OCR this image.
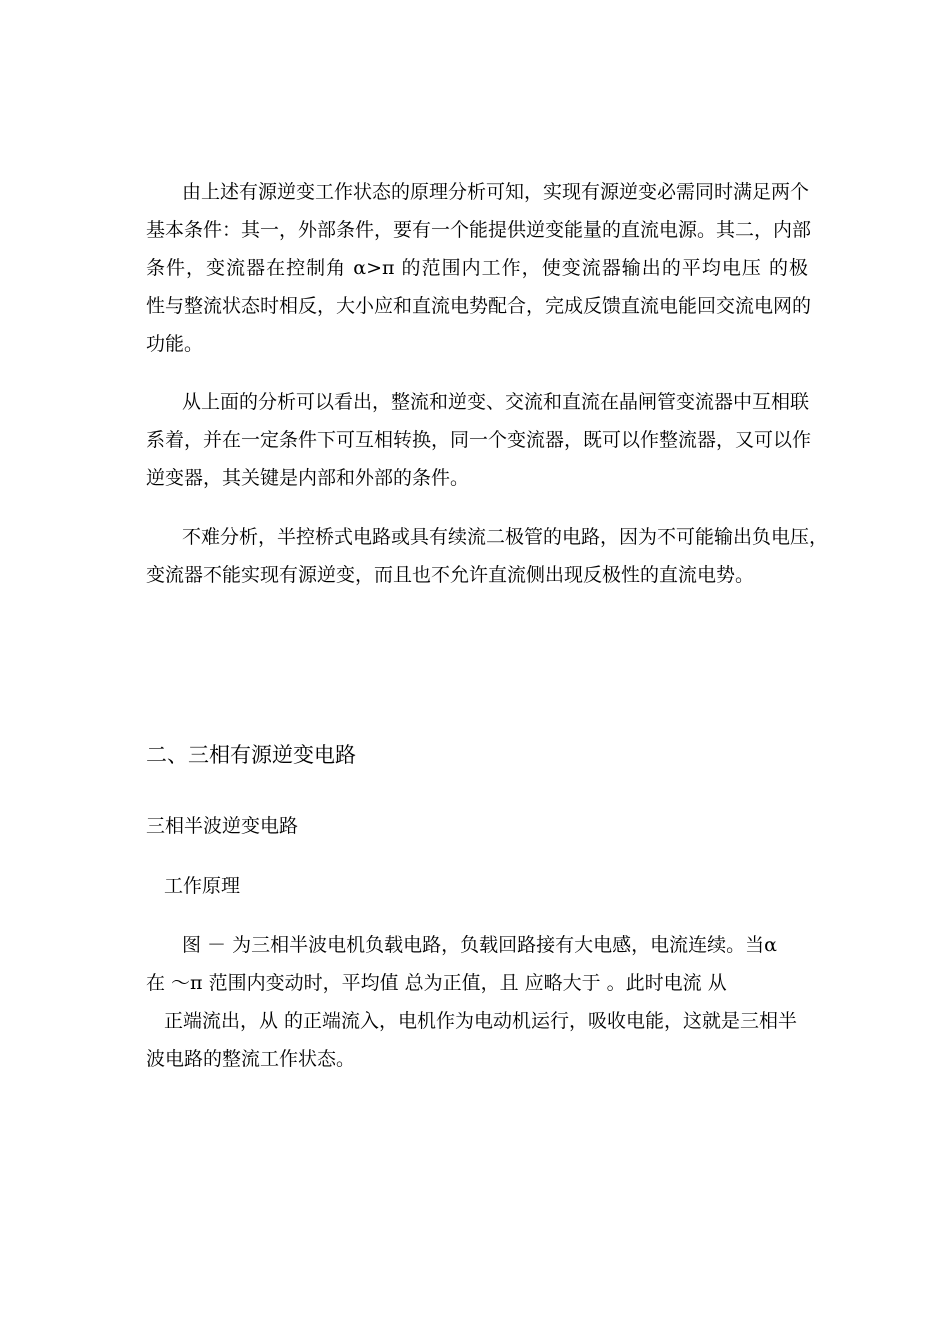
由上述有源逆变工作状态的原理分析可知，实现有源逆变必需同时满足两个
基本条件：其一，外部条件，要有一个能提供逆变能量的直流电源。其二，内部
条件，变流器在控制角 α>π 的范围内工作，使变流器输出的平均电压 的极
性与整流状态时相反，大小应和直流电势配合，完成反馈直流电能回交流电网的
功能。
从上面的分析可以看出，整流和逆变、交流和直流在晶闸管变流器中互相联
系着，并在一定条件下可互相转换，同一个变流器，既可以作整流器，又可以作
逆变器，其关键是内部和外部的条件。
不难分析，半控桥式电路或具有续流二极管的电路，因为不可能输出负电压，
变流器不能实现有源逆变，而且也不允许直流侧出现反极性的直流电势。
二、三相有源逆变电路
三相半波逆变电路
工作原理
图 － 为三相半波电机负载电路，负载回路接有大电感，电流连续。当α
在 ～π 范围内变动时，平均值 总为正值，且 应略大于 。此时电流 从
正端流出，从 的正端流入，电机作为电动机运行，吸收电能，这就是三相半
波电路的整流工作状态。
